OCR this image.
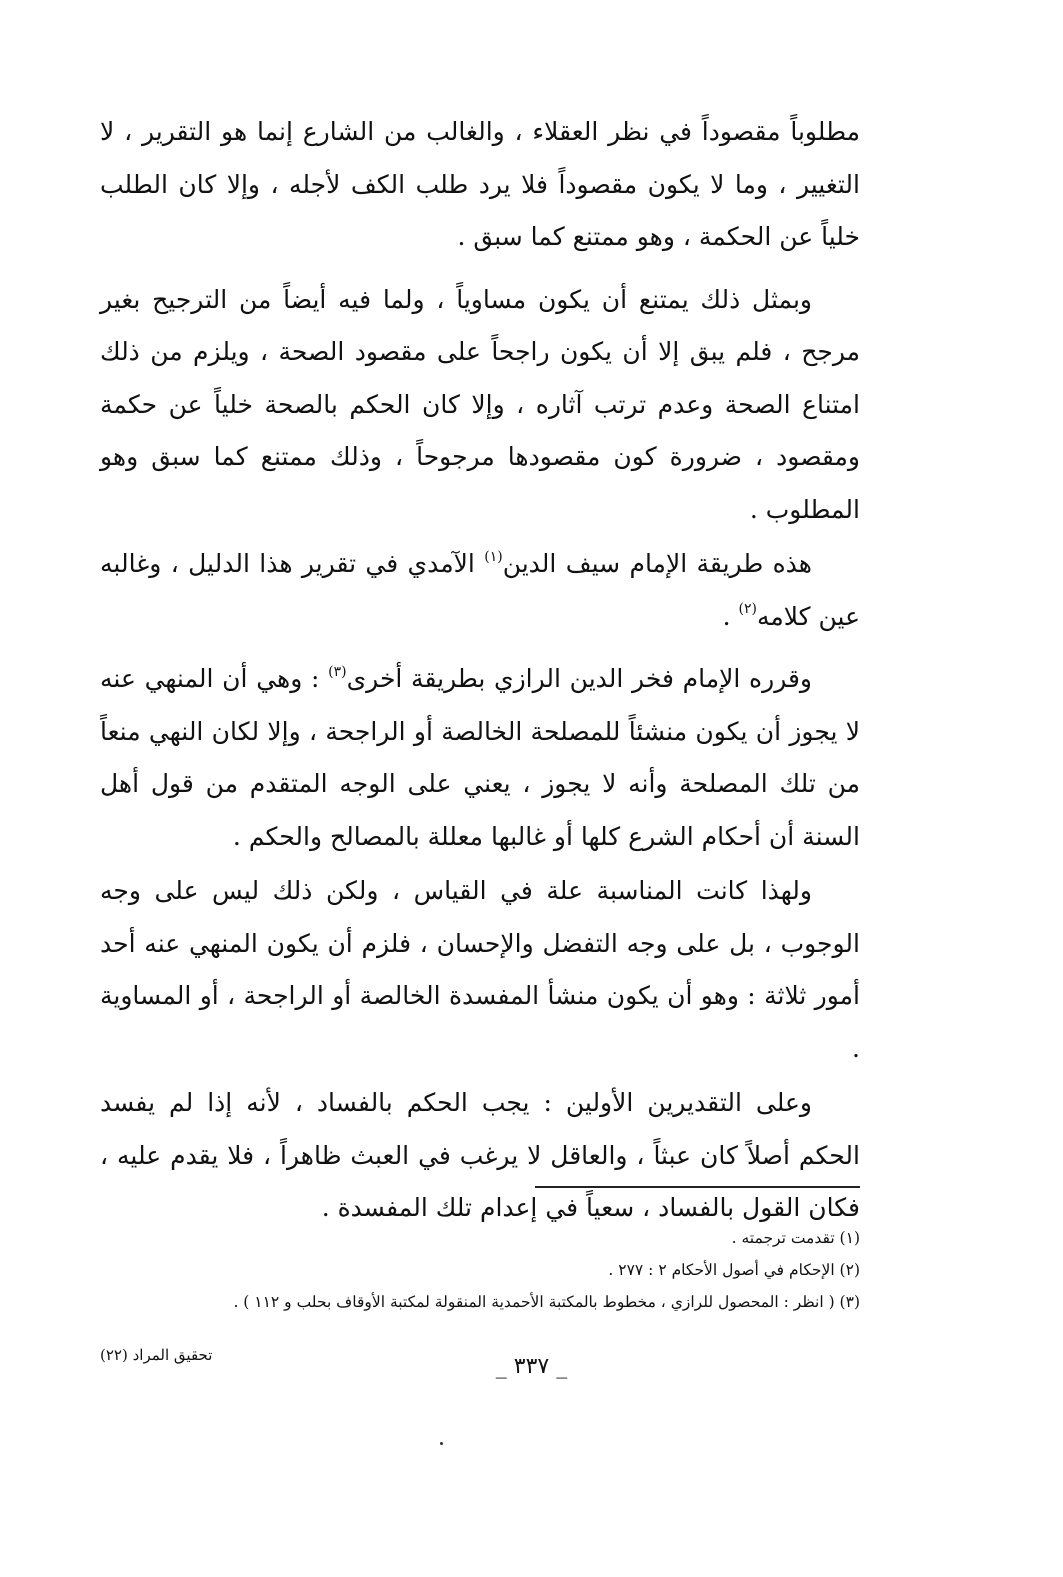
مطلوباً مقصوداً في نظر العقلاء ، والغالب من الشارع إنما هو التقرير ، لا التغيير ، وما لا يكون مقصوداً فلا يرد طلب الكف لأجله ، وإلا كان الطلب خلياً عن الحكمة ، وهو ممتنع كما سبق .

وبمثل ذلك يمتنع أن يكون مساوياً ، ولما فيه أيضاً من الترجيح بغير مرجح ، فلم يبق إلا أن يكون راجحاً على مقصود الصحة ، ويلزم من ذلك امتناع الصحة وعدم ترتب آثاره ، وإلا كان الحكم بالصحة خلياً عن حكمة ومقصود ، ضرورة كون مقصودها مرجوحاً ، وذلك ممتنع كما سبق وهو المطلوب .

هذه طريقة الإمام سيف الدين$^{(١)}$ الآمدي في تقرير هذا الدليل ، وغالبه عين كلامه$^{(٢)}$ .

وقرره الإمام فخر الدين الرازي بطريقة أخرى$^{(٣)}$ : وهي أن المنهي عنه لا يجوز أن يكون منشئاً للمصلحة الخالصة أو الراجحة ، وإلا لكان النهي منعاً من تلك المصلحة وأنه لا يجوز ، يعني على الوجه المتقدم من قول أهل السنة أن أحكام الشرع كلها أو غالبها معللة بالمصالح والحكم .

ولهذا كانت المناسبة علة في القياس ، ولكن ذلك ليس على وجه الوجوب ، بل على وجه التفضل والإحسان ، فلزم أن يكون المنهي عنه أحد أمور ثلاثة : وهو أن يكون منشأ المفسدة الخالصة أو الراجحة ، أو المساوية .

وعلى التقديرين الأولين : يجب الحكم بالفساد ، لأنه إذا لم يفسد الحكم أصلاً كان عبثاً ، والعاقل لا يرغب في العبث ظاهراً ، فلا يقدم عليه ، فكان القول بالفساد ، سعياً في إعدام تلك المفسدة .

(١) تقدمت ترجمته .

(٢) الإحكام في أصول الأحكام ٢ : ٢٧٧ .

(٣) ( انظر : المحصول للرازي ، مخطوط بالمكتبة الأحمدية المنقولة لمكتبة الأوقاف بحلب و ١١٢ ) .

تحقيق المراد (٢٢)	_ ٣٣٧ _
